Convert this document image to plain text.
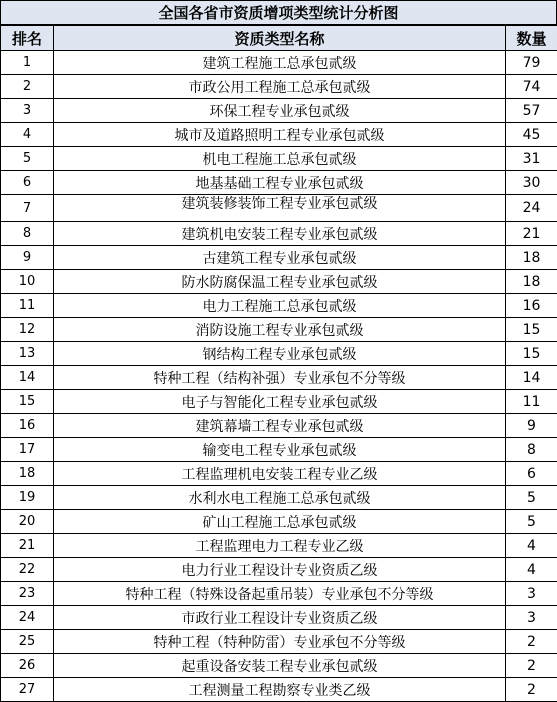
全国各省市资质增项类型统计分析图
排名	资质类型名称	数量
1	建筑工程施工总承包贰级	79
2	市政公用工程施工总承包贰级	74
3	环保工程专业承包贰级	57
4	城市及道路照明工程专业承包贰级	45
5	机电工程施工总承包贰级	31
6	地基基础工程专业承包贰级	30
7	建筑装修装饰工程专业承包贰级	24
8	建筑机电安装工程专业承包贰级	21
9	古建筑工程专业承包贰级	18
10	防水防腐保温工程专业承包贰级	18
11	电力工程施工总承包贰级	16
12	消防设施工程专业承包贰级	15
13	钢结构工程专业承包贰级	15
14	特种工程（结构补强）专业承包不分等级	14
15	电子与智能化工程专业承包贰级	11
16	建筑幕墙工程专业承包贰级	9
17	输变电工程专业承包贰级	8
18	工程监理机电安装工程专业乙级	6
19	水利水电工程施工总承包贰级	5
20	矿山工程施工总承包贰级	5
21	工程监理电力工程专业乙级	4
22	电力行业工程设计专业资质乙级	4
23	特种工程（特殊设备起重吊装）专业承包不分等级	3
24	市政行业工程设计专业资质乙级	3
25	特种工程（特种防雷）专业承包不分等级	2
26	起重设备安装工程专业承包贰级	2
27	工程测量工程勘察专业类乙级	2
